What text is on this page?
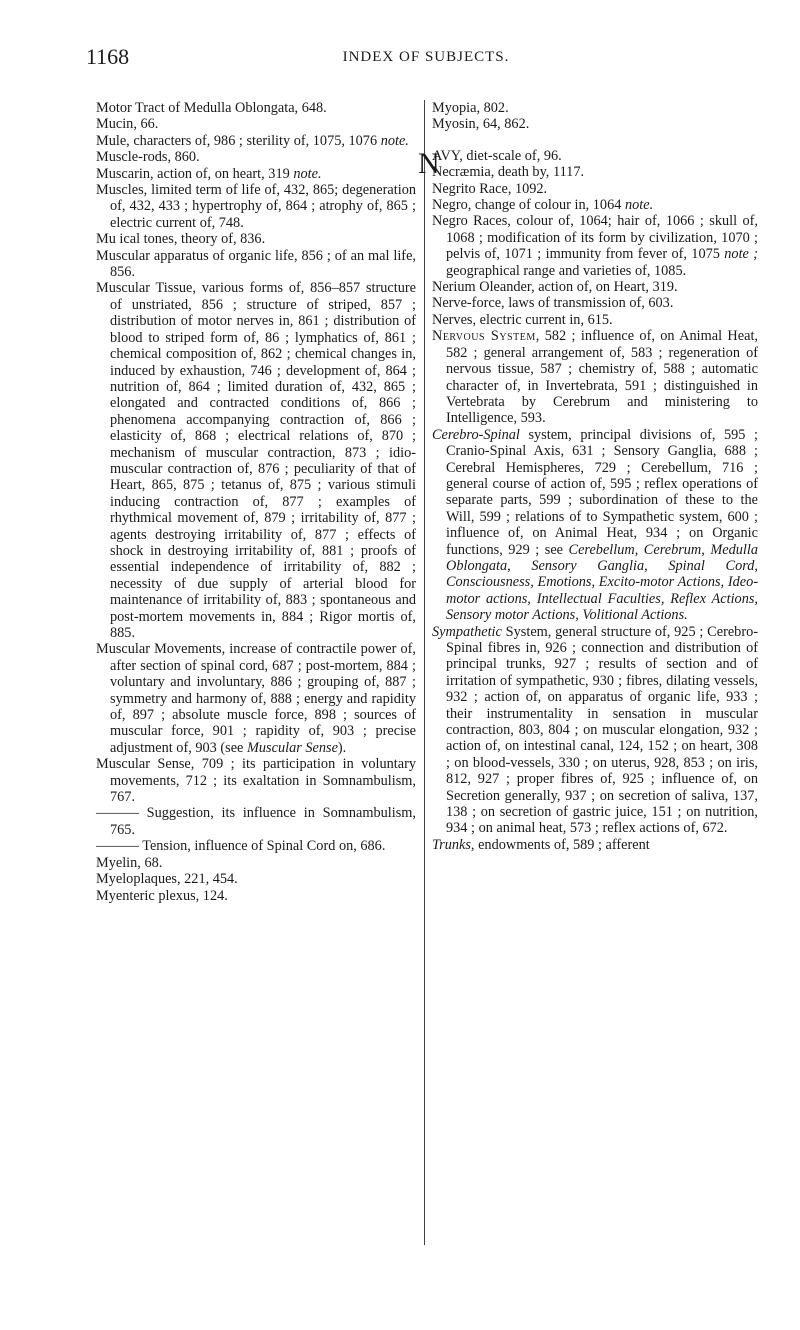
1168	INDEX OF SUBJECTS.

Motor Tract of Medulla Oblongata, 648.

Mucin, 66.

Mule, characters of, 986 ; sterility of, 1075, 1076 note.

Muscle-rods, 860.

Muscarin, action of, on heart, 319 note.

Muscles, limited term of life of, 432, 865; degeneration of, 432, 433 ; hypertrophy of, 864 ; atrophy of, 865 ; electric current of, 748.

Mu ical tones, theory of, 836.

Muscular apparatus of organic life, 856 ; of an mal life, 856.

Muscular Tissue, various forms of, 856–857 structure of unstriated, 856 ; structure of striped, 857 ; distribution of motor nerves in, 861 ; distribution of blood to striped form of, 86 ; lymphatics of, 861 ; chemical composition of, 862 ; chemical changes in, induced by exhaustion, 746 ; development of, 864 ; nutrition of, 864 ; limited duration of, 432, 865 ; elongated and contracted conditions of, 866 ; phenomena accompanying contraction of, 866 ; elasticity of, 868 ; electrical relations of, 870 ; mechanism of muscular contraction, 873 ; idio-muscular contraction of, 876 ; peculiarity of that of Heart, 865, 875 ; tetanus of, 875 ; various stimuli inducing contraction of, 877 ; examples of rhythmical movement of, 879 ; irritability of, 877 ; agents destroying irritability of, 877 ; effects of shock in destroying irritability of, 881 ; proofs of essential independence of irritability of, 882 ; necessity of due supply of arterial blood for maintenance of irritability of, 883 ; spontaneous and post-mortem movements in, 884 ; Rigor mortis of, 885.

Muscular Movements, increase of contractile power of, after section of spinal cord, 687 ; post-mortem, 884 ; voluntary and involuntary, 886 ; grouping of, 887 ; symmetry and harmony of, 888 ; energy and rapidity of, 897 ; absolute muscle force, 898 ; sources of muscular force, 901 ; rapidity of, 903 ; precise adjustment of, 903 (see Muscular Sense).

Muscular Sense, 709 ; its participation in voluntary movements, 712 ; its exaltation in Somnambulism, 767.

——— Suggestion, its influence in Somnambulism, 765.

——— Tension, influence of Spinal Cord on, 686.

Myelin, 68.

Myeloplaques, 221, 454.

Myenteric plexus, 124.

Myopia, 802.

Myosin, 64, 862.

N
AVY, diet-scale of, 96.

Necræmia, death by, 1117.

Negrito Race, 1092.

Negro, change of colour in, 1064 note.

Negro Races, colour of, 1064; hair of, 1066 ; skull of, 1068 ; modification of its form by civilization, 1070 ; pelvis of, 1071 ; immunity from fever of, 1075 note ; geographical range and varieties of, 1085.

Nerium Oleander, action of, on Heart, 319.

Nerve-force, laws of transmission of, 603.

Nerves, electric current in, 615.

Nervous System, 582 ; influence of, on Animal Heat, 582 ; general arrangement of, 583 ; regeneration of nervous tissue, 587 ; chemistry of, 588 ; automatic character of, in Invertebrata, 591 ; distinguished in Vertebrata by Cerebrum and ministering to Intelligence, 593.

Cerebro-Spinal system, principal divisions of, 595 ; Cranio-Spinal Axis, 631 ; Sensory Ganglia, 688 ; Cerebral Hemispheres, 729 ; Cerebellum, 716 ; general course of action of, 595 ; reflex operations of separate parts, 599 ; subordination of these to the Will, 599 ; relations of to Sympathetic system, 600 ; influence of, on Animal Heat, 934 ; on Organic functions, 929 ; see Cerebellum, Cerebrum, Medulla Oblongata, Sensory Ganglia, Spinal Cord, Consciousness, Emotions, Excito-motor Actions, Ideo-motor actions, Intellectual Faculties, Reflex Actions, Sensory motor Actions, Volitional Actions.

Sympathetic System, general structure of, 925 ; Cerebro-Spinal fibres in, 926 ; connection and distribution of principal trunks, 927 ; results of section and of irritation of sympathetic, 930 ; fibres, dilating vessels, 932 ; action of, on apparatus of organic life, 933 ; their instrumentality in sensation in muscular contraction, 803, 804 ; on muscular elongation, 932 ; action of, on intestinal canal, 124, 152 ; on heart, 308 ; on blood-vessels, 330 ; on uterus, 928, 853 ; on iris, 812, 927 ; proper fibres of, 925 ; influence of, on Secretion generally, 937 ; on secretion of saliva, 137, 138 ; on secretion of gastric juice, 151 ; on nutrition, 934 ; on animal heat, 573 ; reflex actions of, 672.

Trunks, endowments of, 589 ; afferent
